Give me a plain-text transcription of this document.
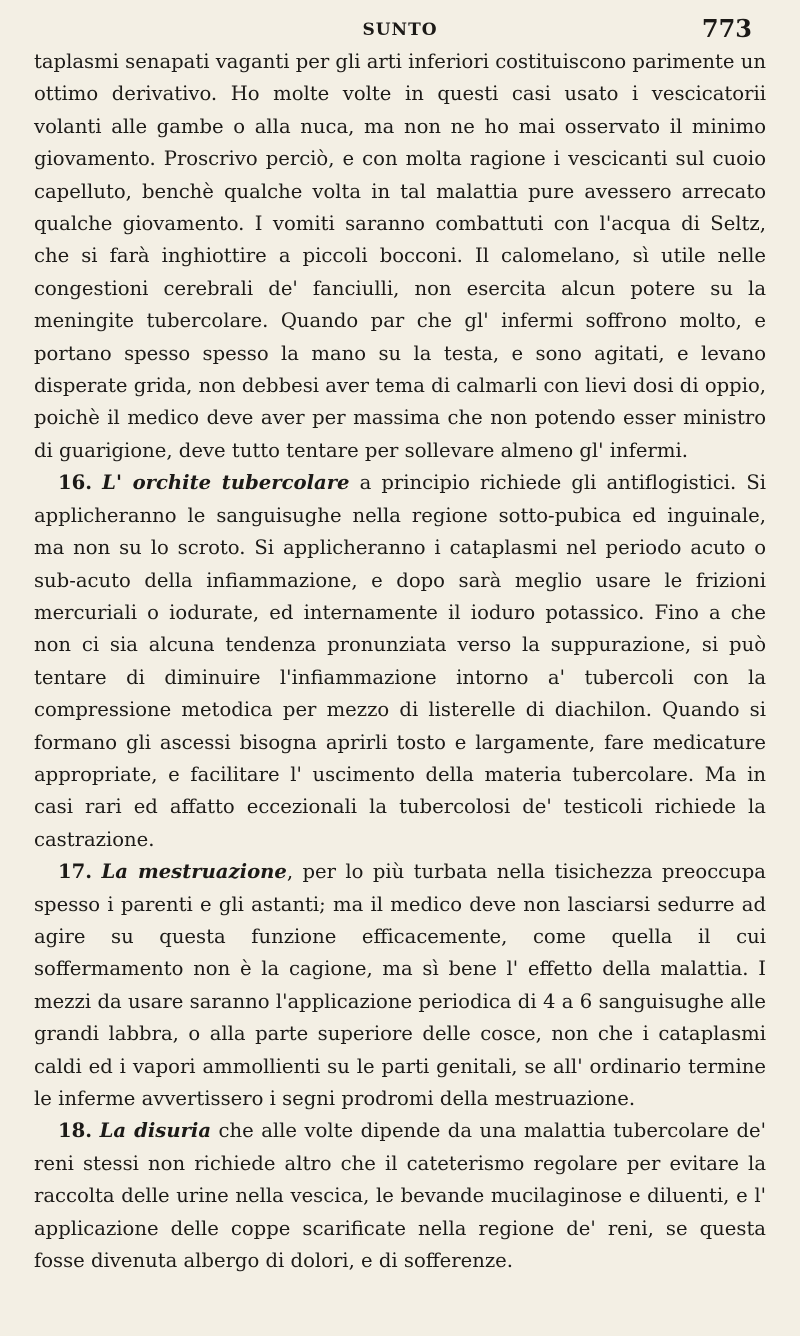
SUNTO	773

taplasmi senapati vaganti per gli arti inferiori costituiscono parimente un ottimo derivativo. Ho molte volte in questi casi usato i vescicatorii volanti alle gambe o alla nuca, ma non ne ho mai osservato il minimo giovamento. Proscrivo perciò, e con molta ragione i vescicanti sul cuoio capelluto, benchè qualche volta in tal malattia pure avessero arrecato qualche giovamento. I vomiti saranno combattuti con l'acqua di Seltz, che si farà inghiottire a piccoli bocconi. Il calomelano, sì utile nelle congestioni cerebrali de' fanciulli, non esercita alcun potere su la meningite tubercolare. Quando par che gl' infermi soffrono molto, e portano spesso spesso la mano su la testa, e sono agitati, e levano disperate grida, non debbesi aver tema di calmarli con lievi dosi di oppio, poichè il medico deve aver per massima che non potendo esser ministro di guarigione, deve tutto tentare per sollevare almeno gl' infermi.

16. L' orchite tubercolare a principio richiede gli antiflogistici. Si applicheranno le sanguisughe nella regione sotto-pubica ed inguinale, ma non su lo scroto. Si applicheranno i cataplasmi nel periodo acuto o sub-acuto della infiammazione, e dopo sarà meglio usare le frizioni mercuriali o iodurate, ed internamente il ioduro potassico. Fino a che non ci sia alcuna tendenza pronunziata verso la suppurazione, si può tentare di diminuire l'infiammazione intorno a' tubercoli con la compressione metodica per mezzo di listerelle di diachilon. Quando si formano gli ascessi bisogna aprirli tosto e largamente, fare medicature appropriate, e facilitare l' uscimento della materia tubercolare. Ma in casi rari ed affatto eccezionali la tubercolosi de' testicoli richiede la castrazione.

17. La mestruazione, per lo più turbata nella tisichezza preoccupa spesso i parenti e gli astanti; ma il medico deve non lasciarsi sedurre ad agire su questa funzione efficacemente, come quella il cui soffermamento non è la cagione, ma sì bene l' effetto della malattia. I mezzi da usare saranno l'applicazione periodica di 4 a 6 sanguisughe alle grandi labbra, o alla parte superiore delle cosce, non che i cataplasmi caldi ed i vapori ammollienti su le parti genitali, se all' ordinario termine le inferme avvertissero i segni prodromi della mestruazione.

18. La disuria che alle volte dipende da una malattia tubercolare de' reni stessi non richiede altro che il cateterismo regolare per evitare la raccolta delle urine nella vescica, le bevande mucilaginose e diluenti, e l' applicazione delle coppe scarificate nella regione de' reni, se questa fosse divenuta albergo di dolori, e di sofferenze.
